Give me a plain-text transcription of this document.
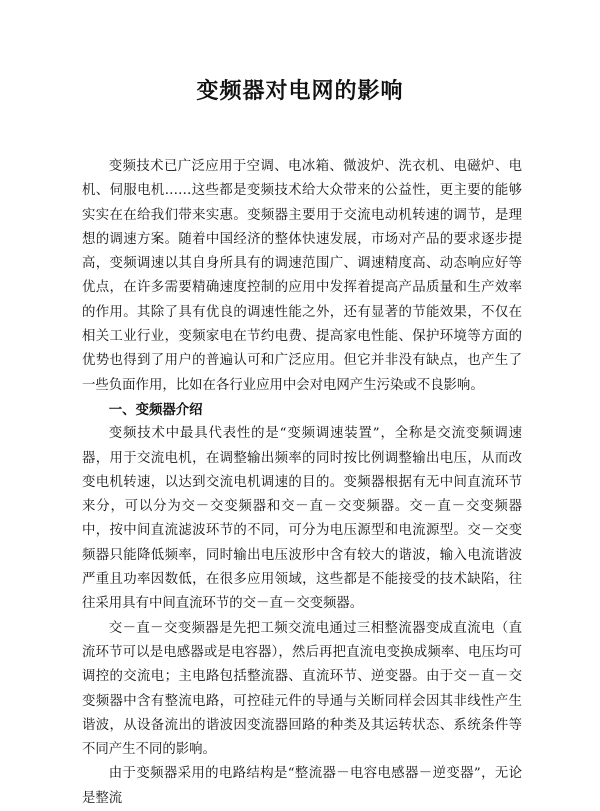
变频器对电网的影响

变频技术已广泛应用于空调、电冰箱、微波炉、洗衣机、电磁炉、电机、伺服电机……这些都是变频技术给大众带来的公益性，更主要的能够实实在在给我们带来实惠。变频器主要用于交流电动机转速的调节，是理想的调速方案。随着中国经济的整体快速发展，市场对产品的要求逐步提高，变频调速以其自身所具有的调速范围广、调速精度高、动态响应好等优点，在许多需要精确速度控制的应用中发挥着提高产品质量和生产效率的作用。其除了具有优良的调速性能之外，还有显著的节能效果，不仅在相关工业行业，变频家电在节约电费、提高家电性能、保护环境等方面的优势也得到了用户的普遍认可和广泛应用。但它并非没有缺点，也产生了一些负面作用，比如在各行业应用中会对电网产生污染或不良影响。

一、变频器介绍

变频技术中最具代表性的是“变频调速装置”，全称是交流变频调速器，用于交流电机，在调整输出频率的同时按比例调整输出电压，从而改变电机转速，以达到交流电机调速的目的。变频器根据有无中间直流环节来分，可以分为交－交变频器和交－直－交变频器。交－直－交变频器中，按中间直流滤波环节的不同，可分为电压源型和电流源型。交－交变频器只能降低频率，同时输出电压波形中含有较大的谐波，输入电流谐波严重且功率因数低，在很多应用领域，这些都是不能接受的技术缺陷，往往采用具有中间直流环节的交－直－交变频器。

交－直－交变频器是先把工频交流电通过三相整流器变成直流电（直流环节可以是电感器或是电容器），然后再把直流电变换成频率、电压均可调控的交流电；主电路包括整流器、直流环节、逆变器。由于交－直－交变频器中含有整流电路，可控硅元件的导通与关断同样会因其非线性产生谐波，从设备流出的谐波因变流器回路的种类及其运转状态、系统条件等不同产生不同的影响。

由于变频器采用的电路结构是“整流器－电容电感器－逆变器”，无论是整流
